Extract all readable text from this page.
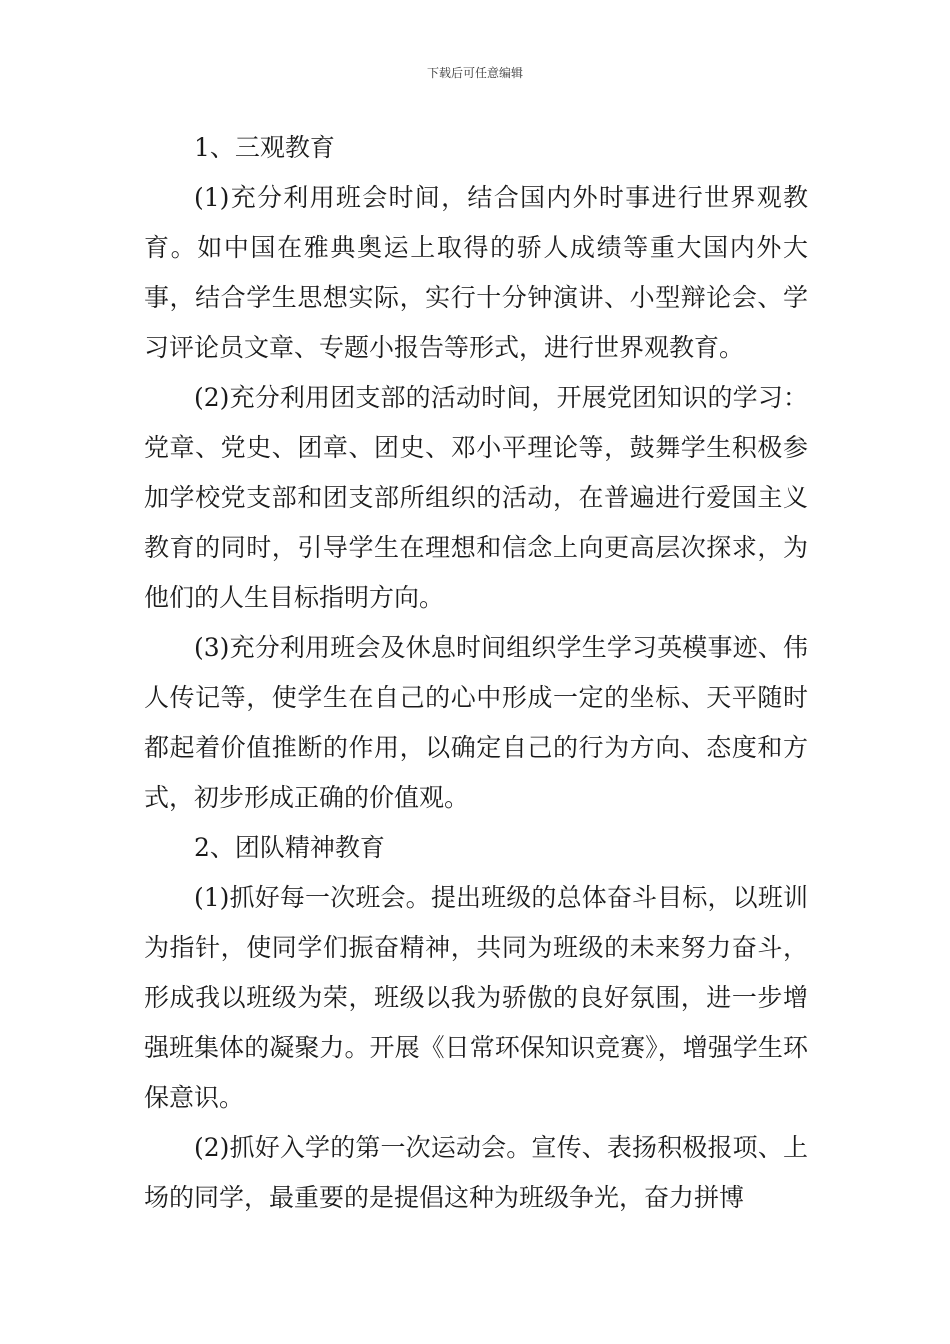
下载后可任意编辑

1、三观教育

(1)充分利用班会时间，结合国内外时事进行世界观教育。如中国在雅典奥运上取得的骄人成绩等重大国内外大事，结合学生思想实际，实行十分钟演讲、小型辩论会、学习评论员文章、专题小报告等形式，进行世界观教育。

(2)充分利用团支部的活动时间，开展党团知识的学习：党章、党史、团章、团史、邓小平理论等，鼓舞学生积极参加学校党支部和团支部所组织的活动，在普遍进行爱国主义教育的同时，引导学生在理想和信念上向更高层次探求，为他们的人生目标指明方向。

(3)充分利用班会及休息时间组织学生学习英模事迹、伟人传记等，使学生在自己的心中形成一定的坐标、天平随时都起着价值推断的作用，以确定自己的行为方向、态度和方式，初步形成正确的价值观。

2、团队精神教育

(1)抓好每一次班会。提出班级的总体奋斗目标，以班训为指针，使同学们振奋精神，共同为班级的未来努力奋斗，形成我以班级为荣，班级以我为骄傲的良好氛围，进一步增强班集体的凝聚力。开展《日常环保知识竞赛》，增强学生环保意识。

(2)抓好入学的第一次运动会。宣传、表扬积极报项、上场的同学，最重要的是提倡这种为班级争光，奋力拼博
